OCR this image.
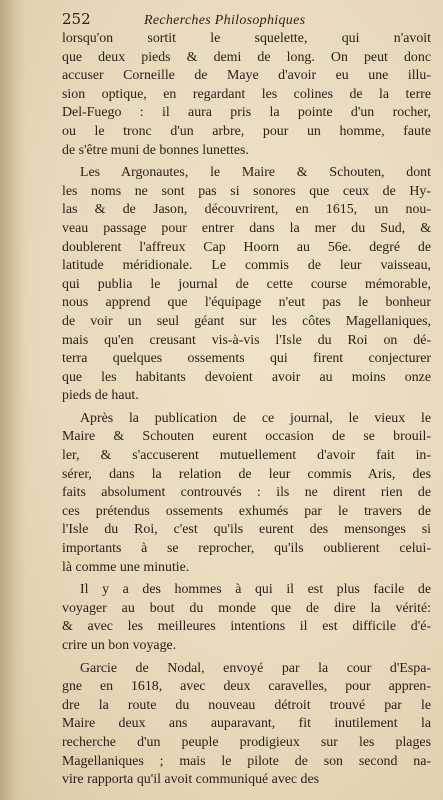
252	Recherches Philosophiques
lorsqu'on sortit le squelette, qui n'avoit
que deux pieds & demi de long. On peut donc
accuser Corneille de Maye d'avoir eu une illu-
sion optique, en regardant les colines de la terre
Del-Fuego : il aura pris la pointe d'un rocher,
ou le tronc d'un arbre, pour un homme, faute
de s'être muni de bonnes lunettes.
Les Argonautes, le Maire & Schouten, dont
les noms ne sont pas si sonores que ceux de Hy-
las & de Jason, découvrirent, en 1615, un nou-
veau passage pour entrer dans la mer du Sud, &
doublerent l'affreux Cap Hoorn au 56e. degré de
latitude méridionale. Le commis de leur vaisseau,
qui publia le journal de cette course mémorable,
nous apprend que l'équipage n'eut pas le bonheur
de voir un seul géant sur les côtes Magellaniques,
mais qu'en creusant vis-à-vis l'Isle du Roi on dé-
terra quelques ossements qui firent conjecturer
que les habitants devoient avoir au moins onze
pieds de haut.
Après la publication de ce journal, le vieux le
Maire & Schouten eurent occasion de se brouil-
ler, & s'accuserent mutuellement d'avoir fait in-
sérer, dans la relation de leur commis Aris, des
faits absolument controuvés : ils ne dirent rien de
ces prétendus ossements exhumés par le travers de
l'Isle du Roi, c'est qu'ils eurent des mensonges si
importants à se reprocher, qu'ils oublierent celui-
là comme une minutie.
Il y a des hommes à qui il est plus facile de
voyager au bout du monde que de dire la vérité:
& avec les meilleures intentions il est difficile d'é-
crire un bon voyage.
Garcie de Nodal, envoyé par la cour d'Espa-
gne en 1618, avec deux caravelles, pour appren-
dre la route du nouveau détroit trouvé par le
Maire deux ans auparavant, fit inutilement la
recherche d'un peuple prodigieux sur les plages
Magellaniques ; mais le pilote de son second na-
vire rapporta qu'il avoit communiqué avec des
